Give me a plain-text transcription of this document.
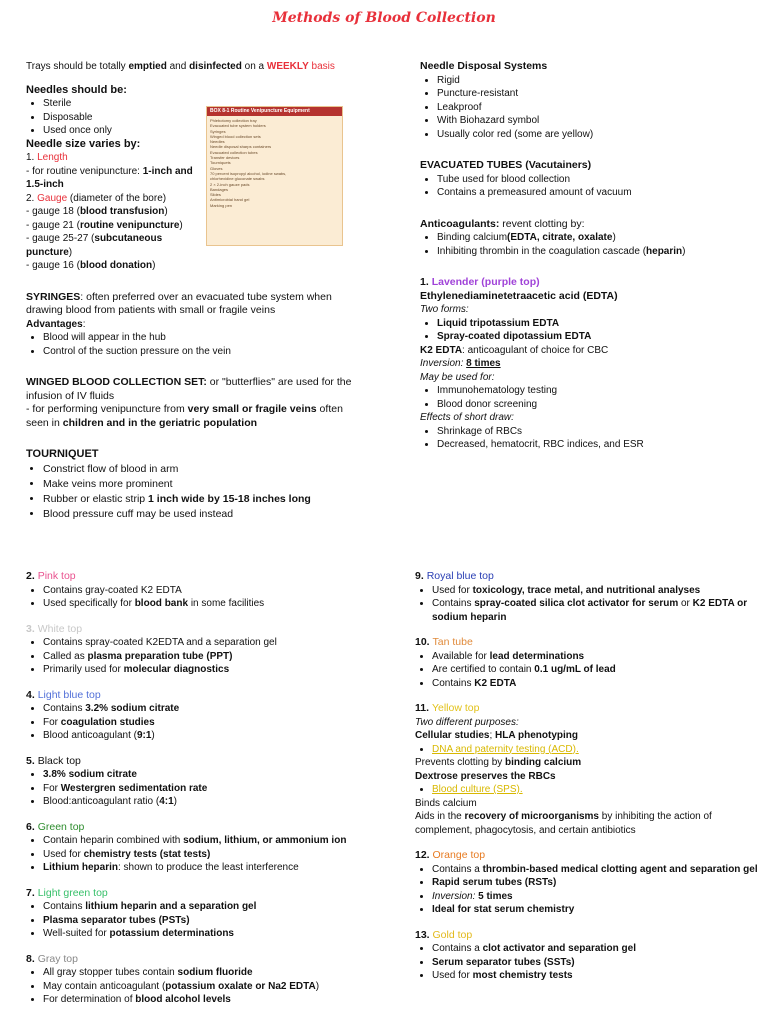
Methods of Blood Collection

Trays should be totally emptied and disinfected on a WEEKLY basis

Needles should be:

• Sterile
• Disposable
• Used once only

Needle size varies by:

1. Length

- for routine venipuncture: 1-inch and 1.5-inch

2. Gauge (diameter of the bore)

- gauge 18 (blood transfusion)

- gauge 21 (routine venipuncture)

- gauge 25-27 (subcutaneous puncture)

- gauge 16 (blood donation)

SYRINGES: often preferred over an evacuated tube system when drawing blood from patients with small or fragile veins

Advantages:

• Blood will appear in the hub
• Control of the suction pressure on the vein

WINGED BLOOD COLLECTION SET: or "butterflies" are used for the infusion of IV fluids

- for performing venipuncture from very small or fragile veins often seen in children and in the geriatric population

TOURNIQUET

• Constrict flow of blood in arm
• Make veins more prominent
• Rubber or elastic strip 1 inch wide by 15-18 inches long
• Blood pressure cuff may be used instead

BOX 8-1 Routine Venipuncture Equipment

Phlebotomy collection tray
Evacuated tube system holders
Syringes
Winged blood collection sets
Needles
Needle disposal sharps containers
Evacuated collection tubes
Transfer devices
Tourniquets
Gloves
70 percent isopropyl alcohol, iodine swabs,
chlorhexidine gluconate swabs
2 × 2-inch gauze pads
Bandages
Slides
Antimicrobial hand gel
Marking pen

Needle Disposal Systems

• Rigid
• Puncture-resistant
• Leakproof
• With Biohazard symbol
• Usually color red (some are yellow)

EVACUATED TUBES (Vacutainers)

• Tube used for blood collection
• Contains a premeasured amount of vacuum

Anticoagulants: revent clotting by:

• Binding calcium(EDTA, citrate, oxalate)
• Inhibiting thrombin in the coagulation cascade (heparin)

1. Lavender (purple top)

Ethylenediaminetetraacetic acid (EDTA)

Two forms:

• Liquid tripotassium EDTA
• Spray-coated dipotassium EDTA

K2 EDTA: anticoagulant of choice for CBC

Inversion: 8 times

May be used for:

• Immunohematology testing
• Blood donor screening

Effects of short draw:

• Shrinkage of RBCs
• Decreased, hematocrit, RBC indices, and ESR

2. Pink top

• Contains gray-coated K2 EDTA
• Used specifically for blood bank in some facilities

3. White top

• Contains spray-coated K2EDTA and a separation gel
• Called as plasma preparation tube (PPT)
• Primarily used for molecular diagnostics

4. Light blue top

• Contains 3.2% sodium citrate
• For coagulation studies
• Blood anticoagulant (9:1)

5. Black top

• 3.8% sodium citrate
• For Westergren sedimentation rate
• Blood:anticoagulant ratio (4:1)

6. Green top

• Contain heparin combined with sodium, lithium, or ammonium ion
• Used for chemistry tests (stat tests)
• Lithium heparin: shown to produce the least interference

7. Light green top

• Contains lithium heparin and a separation gel
• Plasma separator tubes (PSTs)
• Well-suited for potassium determinations

8. Gray top

• All gray stopper tubes contain sodium fluoride
• May contain anticoagulant (potassium oxalate or Na2 EDTA)
• For determination of blood alcohol levels

9. Royal blue top

• Used for toxicology, trace metal, and nutritional analyses
• Contains spray-coated silica clot activator for serum or K2 EDTA or sodium heparin

10. Tan tube

• Available for lead determinations
• Are certified to contain 0.1 ug/mL of lead
• Contains K2 EDTA

11. Yellow top

Two different purposes:

Cellular studies; HLA phenotyping

• DNA and paternity testing (ACD).

Prevents clotting by binding calcium

Dextrose preserves the RBCs

• Blood culture (SPS).

Binds calcium

Aids in the recovery of microorganisms by inhibiting the action of complement, phagocytosis, and certain antibiotics

12. Orange top

• Contains a thrombin-based medical clotting agent and separation gel
• Rapid serum tubes (RSTs)
• Inversion: 5 times
• Ideal for stat serum chemistry

13. Gold top

• Contains a clot activator and separation gel
• Serum separator tubes (SSTs)
• Used for most chemistry tests
